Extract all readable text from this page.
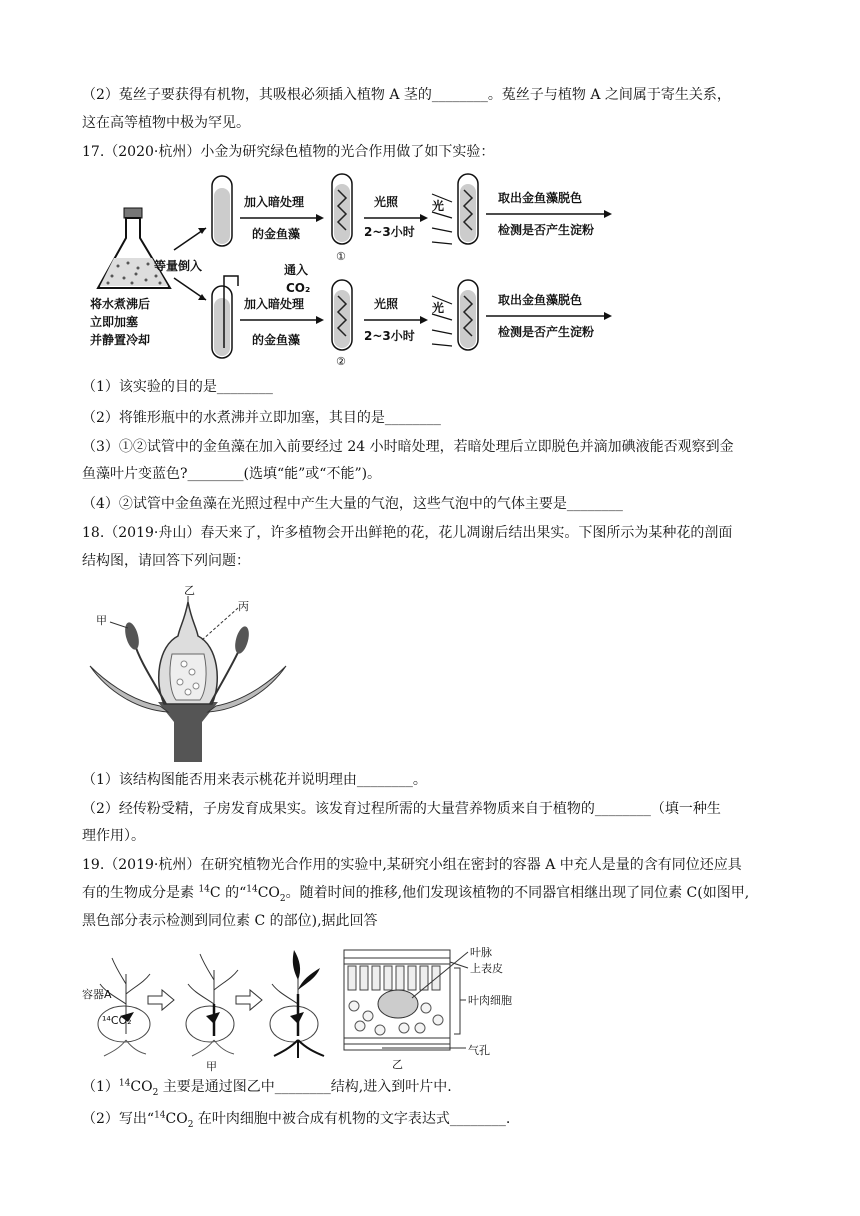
（2）菟丝子要获得有机物，其吸根必须插入植物 A 茎的________。菟丝子与植物 A 之间属于寄生关系，
这在高等植物中极为罕见。
17.（2020·杭州）小金为研究绿色植物的光合作用做了如下实验：
将水煮沸后
立即加塞
并静置冷却
等量倒入
加入暗处理
的金鱼藻
①
光照
2~3小时
光
取出金鱼藻脱色
检测是否产生淀粉
通入
CO₂
加入暗处理
的金鱼藻
②
光照
2~3小时
光
取出金鱼藻脱色
检测是否产生淀粉
（1）该实验的目的是________
（2）将锥形瓶中的水煮沸并立即加塞，其目的是________
（3）①②试管中的金鱼藻在加入前要经过 24 小时暗处理，若暗处理后立即脱色并滴加碘液能否观察到金
鱼藻叶片变蓝色?________(选填“能”或“不能”)。
（4）②试管中金鱼藻在光照过程中产生大量的气泡，这些气泡中的气体主要是________
18.（2019·舟山）春天来了，许多植物会开出鲜艳的花，花儿凋谢后结出果实。下图所示为某种花的剖面
结构图，请回答下列问题：
甲
乙
丙
（1）该结构图能否用来表示桃花并说明理由________。
（2）经传粉受精，子房发育成果实。该发育过程所需的大量营养物质来自于植物的________（填一种生
理作用）。
19.（2019·杭州）在研究植物光合作用的实验中,某研究小组在密封的容器 A 中充人是量的含有同位还应具
有的生物成分是素 $^{14}$C 的“$^{14}CO_2$。随着时间的推移,他们发现该植物的不同器官相继出现了同位素 C(如图甲,
黑色部分表示检测到同位素 C 的部位),据此回答
容器A
¹⁴CO₂
甲
叶脉
上表皮
叶肉细胞
气孔
乙
$(1)^{14}CO_2$ 主要是通过图乙中________结构,进入到叶片中.
（2）写出“$^{14}CO_2$ 在叶肉细胞中被合成有机物的文字表达式________.
